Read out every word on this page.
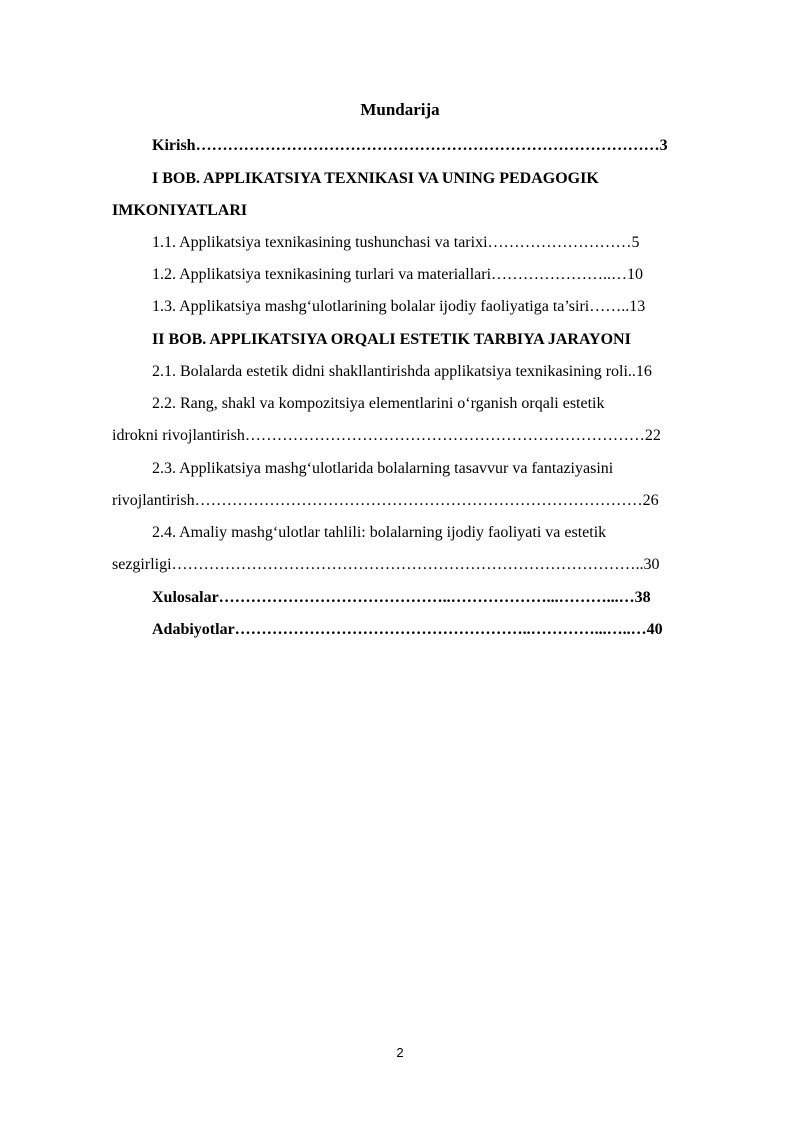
Mundarija
Kirish……………………………………………………………………………3
I BOB. APPLIKATSIYA TEXNIKASI VA UNING PEDAGOGIK
IMKONIYATLARI
1.1. Applikatsiya texnikasining tushunchasi va tarixi………………………5
1.2. Applikatsiya texnikasining turlari va materiallari…………………..…10
1.3. Applikatsiya mashg‘ulotlarining bolalar ijodiy faoliyatiga ta’siri……..13
II BOB. APPLIKATSIYA ORQALI ESTETIK TARBIYA JARAYONI
2.1. Bolalarda estetik didni shakllantirishda applikatsiya texnikasining roli..16
2.2. Rang, shakl va kompozitsiya elementlarini o‘rganish orqali estetik
idrokni rivojlantirish…………………………………………………………………22
2.3. Applikatsiya mashg‘ulotlarida bolalarning tasavvur va fantaziyasini
rivojlantirish…………………………………………………………………………26
2.4. Amaliy mashg‘ulotlar tahlili: bolalarning ijodiy faoliyati va estetik
sezgirligi……………………………………………………………………………..30
Xulosalar……………………………………..………………...………...…38
Adabiyotlar………………………………………………..…………...…..…40
2
